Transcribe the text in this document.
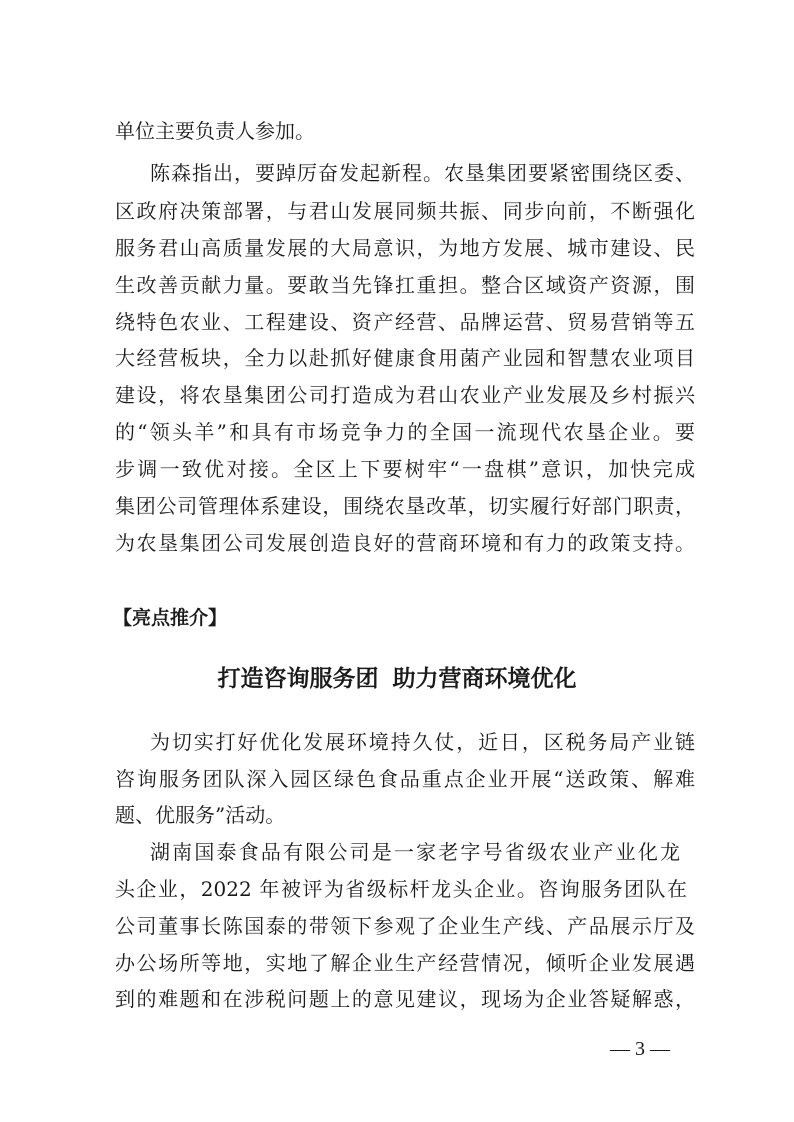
单位主要负责人参加。
陈森指出，要踔厉奋发起新程。农垦集团要紧密围绕区委、
区政府决策部署，与君山发展同频共振、同步向前，不断强化
服务君山高质量发展的大局意识，为地方发展、城市建设、民
生改善贡献力量。要敢当先锋扛重担。整合区域资产资源，围
绕特色农业、工程建设、资产经营、品牌运营、贸易营销等五
大经营板块，全力以赴抓好健康食用菌产业园和智慧农业项目
建设，将农垦集团公司打造成为君山农业产业发展及乡村振兴
的“领头羊”和具有市场竞争力的全国一流现代农垦企业。要
步调一致优对接。全区上下要树牢“一盘棋”意识，加快完成
集团公司管理体系建设，围绕农垦改革，切实履行好部门职责，
为农垦集团公司发展创造良好的营商环境和有力的政策支持。
【亮点推介】
打造咨询服务团 助力营商环境优化
为切实打好优化发展环境持久仗，近日，区税务局产业链
咨询服务团队深入园区绿色食品重点企业开展“送政策、解难
题、优服务”活动。
湖南国泰食品有限公司是一家老字号省级农业产业化龙
头企业，2022 年被评为省级标杆龙头企业。咨询服务团队在
公司董事长陈国泰的带领下参观了企业生产线、产品展示厅及
办公场所等地，实地了解企业生产经营情况，倾听企业发展遇
到的难题和在涉税问题上的意见建议，现场为企业答疑解惑，
— 3 —
